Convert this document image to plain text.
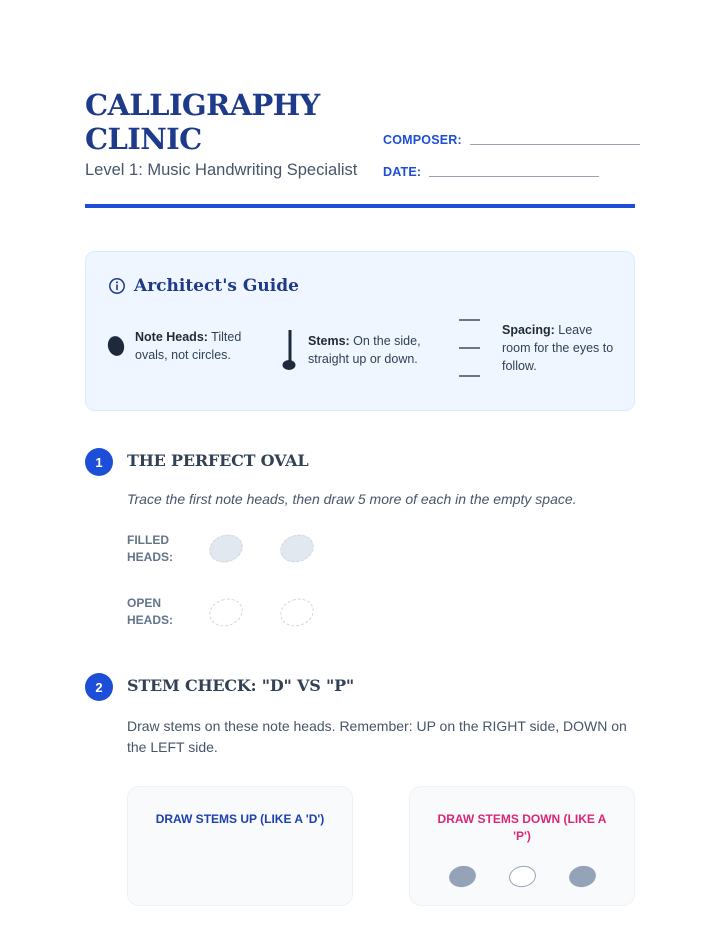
CALLIGRAPHY CLINIC
Level 1: Music Handwriting Specialist
COMPOSER:
DATE:
Architect's Guide
Note Heads: Tilted ovals, not circles.
Stems: On the side, straight up or down.
Spacing: Leave room for the eyes to follow.
1	THE PERFECT OVAL
Trace the first note heads, then draw 5 more of each in the empty space.
FILLED
HEADS:
OPEN
HEADS:
2	STEM CHECK: "D" VS "P"
Draw stems on these note heads. Remember: UP on the RIGHT side, DOWN on the LEFT side.
DRAW STEMS UP (LIKE A 'D')	DRAW STEMS DOWN (LIKE A 'P')
